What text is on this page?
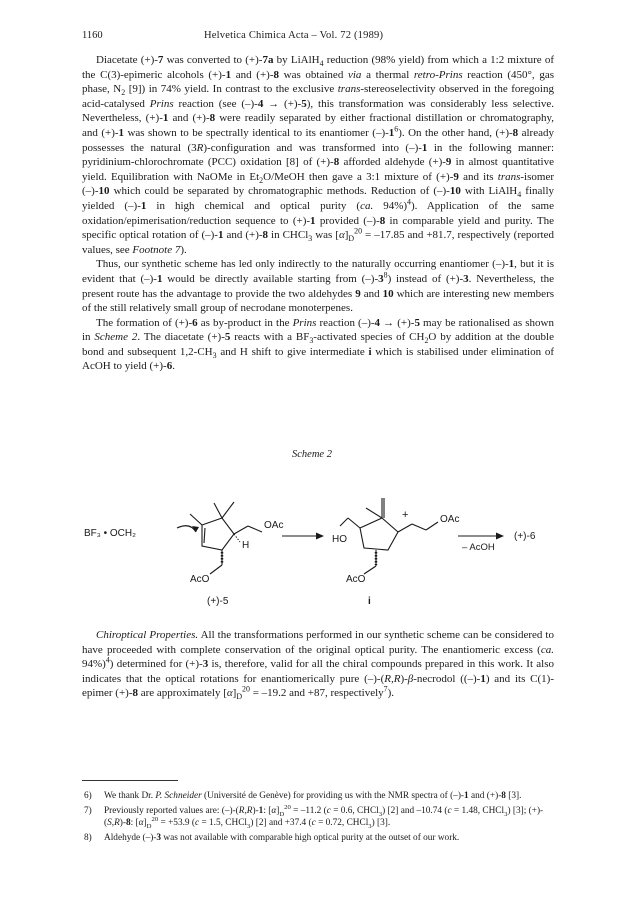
1160	Helvetica Chimica Acta – Vol. 72 (1989)

Diacetate (+)-7 was converted to (+)-7a by LiAlH$_4$ reduction (98% yield) from which a 1:2 mixture of the C(3)-epimeric alcohols (+)-1 and (+)-8 was obtained via a thermal retro-Prins reaction (450°, gas phase, $N_2$ [9]) in 74% yield. In contrast to the exclusive trans-stereoselectivity observed in the foregoing acid-catalysed Prins reaction (see (–)-4 → (+)-5), this transformation was considerably less selective. Nevertheless, (+)-1 and (+)-8 were readily separated by either fractional distillation or chromatography, and (+)-1 was shown to be spectrally identical to its enantiomer $(-)-1^6$). On the other hand, (+)-8 already possesses the natural (3R)-configuration and was transformed into (–)-1 in the following manner: pyridinium-chlorochromate (PCC) oxidation [8] of (+)-8 afforded aldehyde (+)-9 in almost quantitative yield. Equilibration with NaOMe in $Et_2O$/MeOH then gave a 3:1 mixture of (+)-9 and its trans-isomer (–)-10 which could be separated by chromatographic methods. Reduction of (–)-10 with LiAlH$_4$ finally yielded (–)-1 in high chemical and optical purity (ca. 94%)$^4$). Application of the same oxidation/epimerisation/reduction sequence to (+)-1 provided (–)-8 in comparable yield and purity. The specific optical rotation of (–)-1 and (+)-8 in CHCl$_3$ was $[\alpha]_D^{20} = -17.85$ and +81.7, respectively (reported values, see Footnote 7).

Thus, our synthetic scheme has led only indirectly to the naturally occurring enantiomer (–)-1, but it is evident that (–)-1 would be directly available starting from $(-)-3^8$) instead of (+)-3. Nevertheless, the present route has the advantage to provide the two aldehydes 9 and 10 which are interesting new members of the still relatively small group of necrodane monoterpenes.

The formation of (+)-6 as by-product in the Prins reaction (–)-4 → (+)-5 may be rationalised as shown in Scheme 2. The diacetate (+)-5 reacts with a $BF_3$-activated species of $CH_2O$ by addition at the double bond and subsequent $1,2-CH_3$ and H shift to give intermediate i which is stabilised under elimination of AcOH to yield (+)-6.

Scheme 2
BF₃ • OCH₂
OAc
H
AcO
(+)-5
+
HO
OAc
AcO
i
– AcOH
(+)-6

Chiroptical Properties. All the transformations performed in our synthetic scheme can be considered to have proceeded with complete conservation of the original optical purity. The enantiomeric excess (ca. 94%)$^4$) determined for (+)-3 is, therefore, valid for all the chiral compounds prepared in this work. It also indicates that the optical rotations for enantiomerically pure (–)-(R,R)-β-necrodol ((–)-1) and its C(1)-epimer (+)-8 are approximately $[\alpha]_D^{20} = -19.2$ and +87, respectively$^7$).

6) We thank Dr. P. Schneider (Université de Genève) for providing us with the NMR spectra of (–)-1 and (+)-8 [3].
7) Previously reported values are: (–)-(R,R)-1: $[\alpha]_D^{20} = -11.2$ (c = 0.6, CHCl$_3$) [2] and –10.74 (c = 1.48, CHCl$_3$) [3]; (+)-(S,R)-8: $[\alpha]_D^{20} = +53.9$ (c = 1.5, CHCl$_3$) [2] and +37.4 (c = 0.72, CHCl$_3$) [3].
8) Aldehyde (–)-3 was not available with comparable high optical purity at the outset of our work.
